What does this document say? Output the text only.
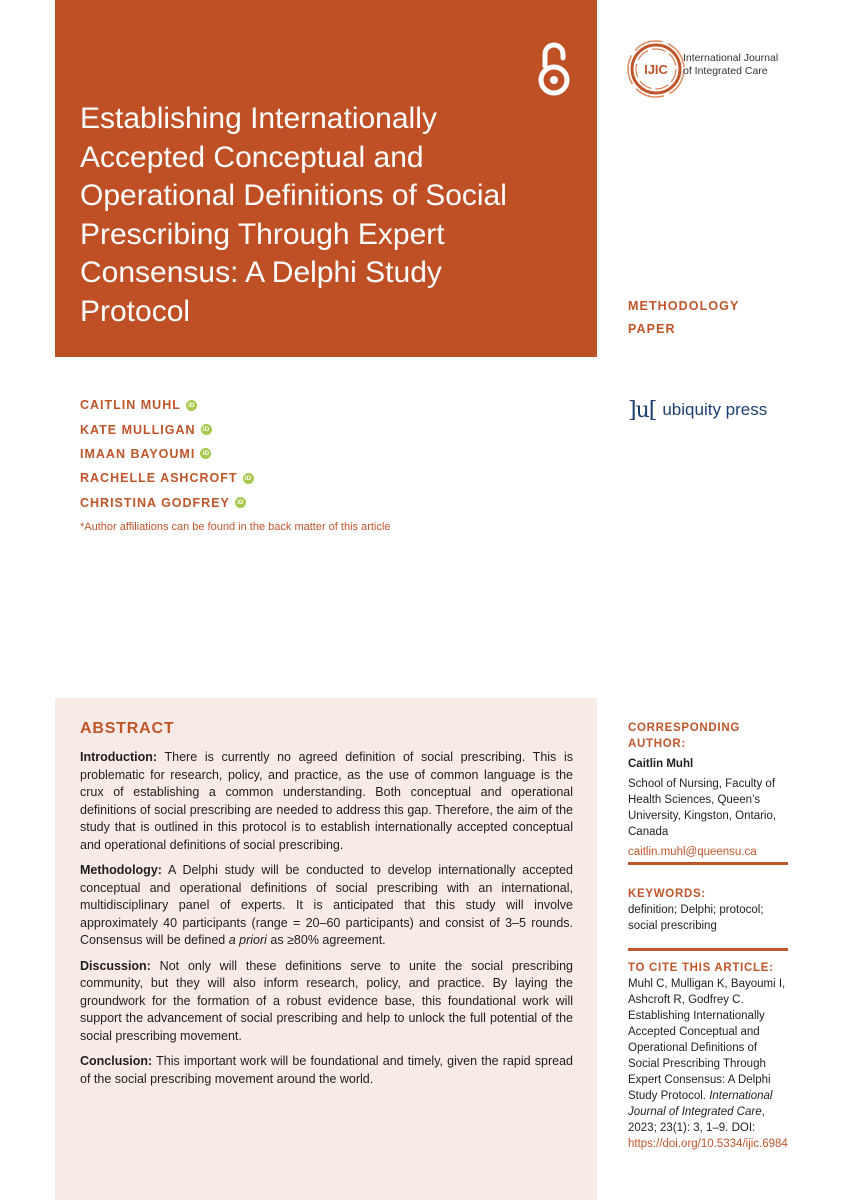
Establishing Internationally Accepted Conceptual and Operational Definitions of Social Prescribing Through Expert Consensus: A Delphi Study Protocol
IJIC
International Journal
of Integrated Care
METHODOLOGY
PAPER
]u[ ubiquity press
CAITLIN MUHL	iD
KATE MULLIGAN	iD
IMAAN BAYOUMI	iD
RACHELLE ASHCROFT	iD
CHRISTINA GODFREY	iD
*Author affiliations can be found in the back matter of this article
ABSTRACT

Introduction: There is currently no agreed definition of social prescribing. This is problematic for research, policy, and practice, as the use of common language is the crux of establishing a common understanding. Both conceptual and operational definitions of social prescribing are needed to address this gap. Therefore, the aim of the study that is outlined in this protocol is to establish internationally accepted conceptual and operational definitions of social prescribing.

Methodology: A Delphi study will be conducted to develop internationally accepted conceptual and operational definitions of social prescribing with an international, multidisciplinary panel of experts. It is anticipated that this study will involve approximately 40 participants (range = 20–60 participants) and consist of 3–5 rounds. Consensus will be defined a priori as ≥80% agreement.

Discussion: Not only will these definitions serve to unite the social prescribing community, but they will also inform research, policy, and practice. By laying the groundwork for the formation of a robust evidence base, this foundational work will support the advancement of social prescribing and help to unlock the full potential of the social prescribing movement.

Conclusion: This important work will be foundational and timely, given the rapid spread of the social prescribing movement around the world.

CORRESPONDING AUTHOR:
Caitlin Muhl
School of Nursing, Faculty of Health Sciences, Queen’s University, Kingston, Ontario, Canada
caitlin.muhl@queensu.ca
KEYWORDS:
definition; Delphi; protocol; social prescribing
TO CITE THIS ARTICLE:
Muhl C, Mulligan K, Bayoumi I, Ashcroft R, Godfrey C. Establishing Internationally Accepted Conceptual and Operational Definitions of Social Prescribing Through Expert Consensus: A Delphi Study Protocol. International Journal of Integrated Care, 2023; 23(1): 3, 1–9. DOI: https://doi.org/10.5334/ijic.6984
